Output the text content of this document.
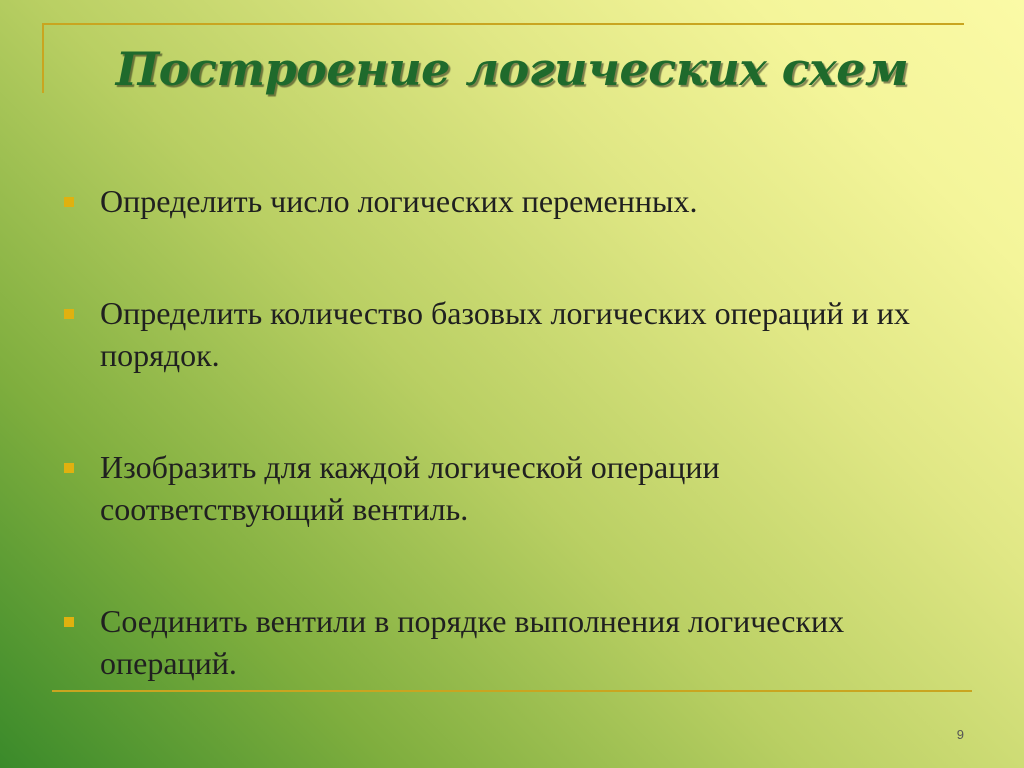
Построение логических схем
Определить число логических переменных.
Определить количество базовых логических операций и их порядок.
Изобразить для каждой логической операции соответствующий вентиль.
Соединить вентили в порядке выполнения логических операций.
9
